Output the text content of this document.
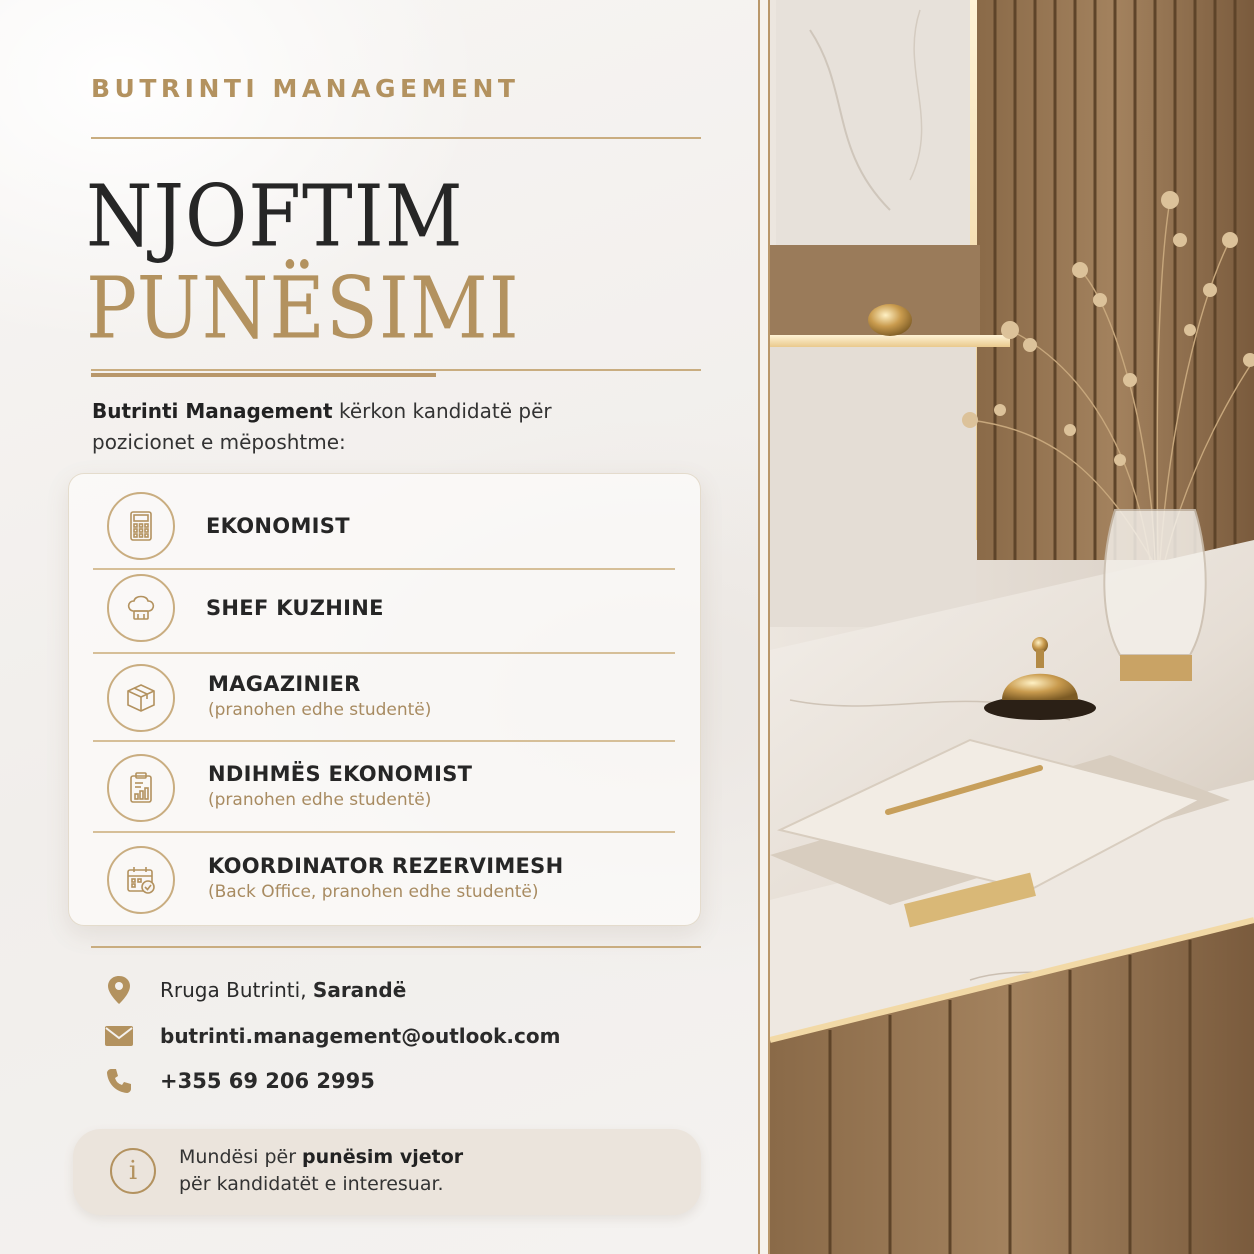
BUTRINTI MANAGEMENT
NJOFTIM
PUNËSIMI
Butrinti Management kërkon kandidatë për
pozicionet e mëposhtme:
EKONOMIST
SHEF KUZHINE
MAGAZINIER
(pranohen edhe studentë)
NDIHMËS EKONOMIST
(pranohen edhe studentë)
KOORDINATOR REZERVIMESH
(Back Office, pranohen edhe studentë)
Rruga Butrinti, Sarandë
butrinti.management@outlook.com
+355 69 206 2995
i	Mundësi për punësim vjetor
për kandidatët e interesuar.
